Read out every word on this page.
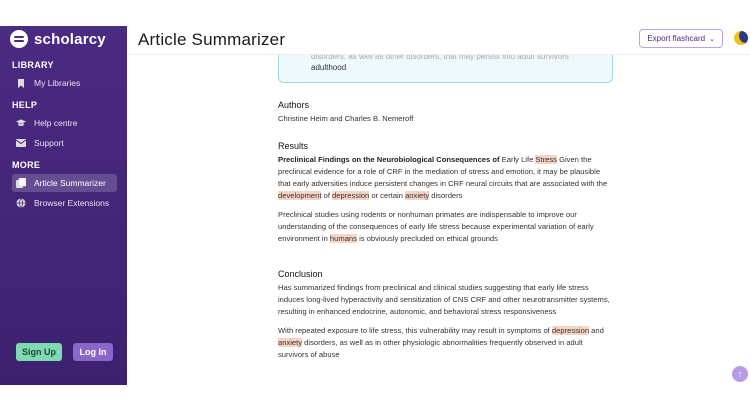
scholarcy
LIBRARY
My Libraries
HELP
Help centre
Support
MORE
Article Summarizer
Browser Extensions
Sign Up	Log In
Article Summarizer	Export flashcard ⌄
disorders, as well as other disorders, that may persist into adult survivors
adulthood
Authors
Christine Heim and Charles B. Nemeroff
Results

Preclinical Findings on the Neurobiological Consequences of Early Life Stress Given the preclinical evidence for a role of CRF in the mediation of stress and emotion, it may be plausible that early adversities induce persistent changes in CRF neural circuits that are associated with the development of depression or certain anxiety disorders

Preclinical studies using rodents or nonhuman primates are indispensable to improve our understanding of the consequences of early life stress because experimental variation of early environment in humans is obviously precluded on ethical grounds

Conclusion

Has summarized findings from preclinical and clinical studies suggesting that early life stress induces long-lived hyperactivity and sensitization of CNS CRF and other neurotransmitter systems, resulting in enhanced endocrine, autonomic, and behavioral stress responsiveness

With repeated exposure to life stress, this vulnerability may result in symptoms of depression and anxiety disorders, as well as in other physiologic abnormalities frequently observed in adult survivors of abuse

↑
